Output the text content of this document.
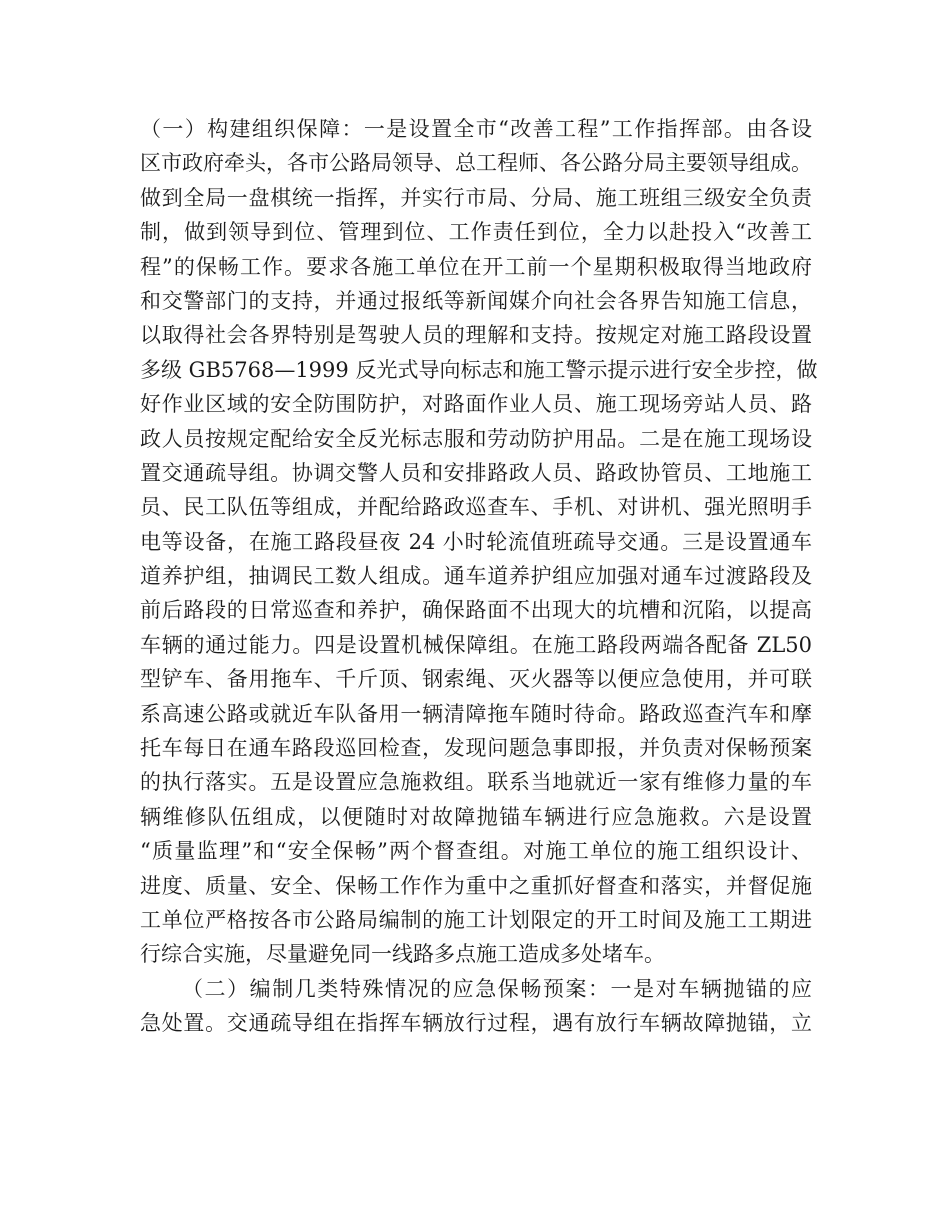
（一）构建组织保障：一是设置全市“改善工程”工作指挥部。由各设
区市政府牵头，各市公路局领导、总工程师、各公路分局主要领导组成。
做到全局一盘棋统一指挥，并实行市局、分局、施工班组三级安全负责
制，做到领导到位、管理到位、工作责任到位，全力以赴投入“改善工
程”的保畅工作。要求各施工单位在开工前一个星期积极取得当地政府
和交警部门的支持，并通过报纸等新闻媒介向社会各界告知施工信息，
以取得社会各界特别是驾驶人员的理解和支持。按规定对施工路段设置
多级 GB5768—1999 反光式导向标志和施工警示提示进行安全步控，做
好作业区域的安全防围防护，对路面作业人员、施工现场旁站人员、路
政人员按规定配给安全反光标志服和劳动防护用品。二是在施工现场设
置交通疏导组。协调交警人员和安排路政人员、路政协管员、工地施工
员、民工队伍等组成，并配给路政巡查车、手机、对讲机、强光照明手
电等设备，在施工路段昼夜 24 小时轮流值班疏导交通。三是设置通车
道养护组，抽调民工数人组成。通车道养护组应加强对通车过渡路段及
前后路段的日常巡查和养护，确保路面不出现大的坑槽和沉陷，以提高
车辆的通过能力。四是设置机械保障组。在施工路段两端各配备 ZL50
型铲车、备用拖车、千斤顶、钢索绳、灭火器等以便应急使用，并可联
系高速公路或就近车队备用一辆清障拖车随时待命。路政巡查汽车和摩
托车每日在通车路段巡回检查，发现问题急事即报，并负责对保畅预案
的执行落实。五是设置应急施救组。联系当地就近一家有维修力量的车
辆维修队伍组成，以便随时对故障抛锚车辆进行应急施救。六是设置
“质量监理”和“安全保畅”两个督查组。对施工单位的施工组织设计、
进度、质量、安全、保畅工作作为重中之重抓好督查和落实，并督促施
工单位严格按各市公路局编制的施工计划限定的开工时间及施工工期进
行综合实施，尽量避免同一线路多点施工造成多处堵车。
（二）编制几类特殊情况的应急保畅预案：一是对车辆抛锚的应
急处置。交通疏导组在指挥车辆放行过程，遇有放行车辆故障抛锚，立
